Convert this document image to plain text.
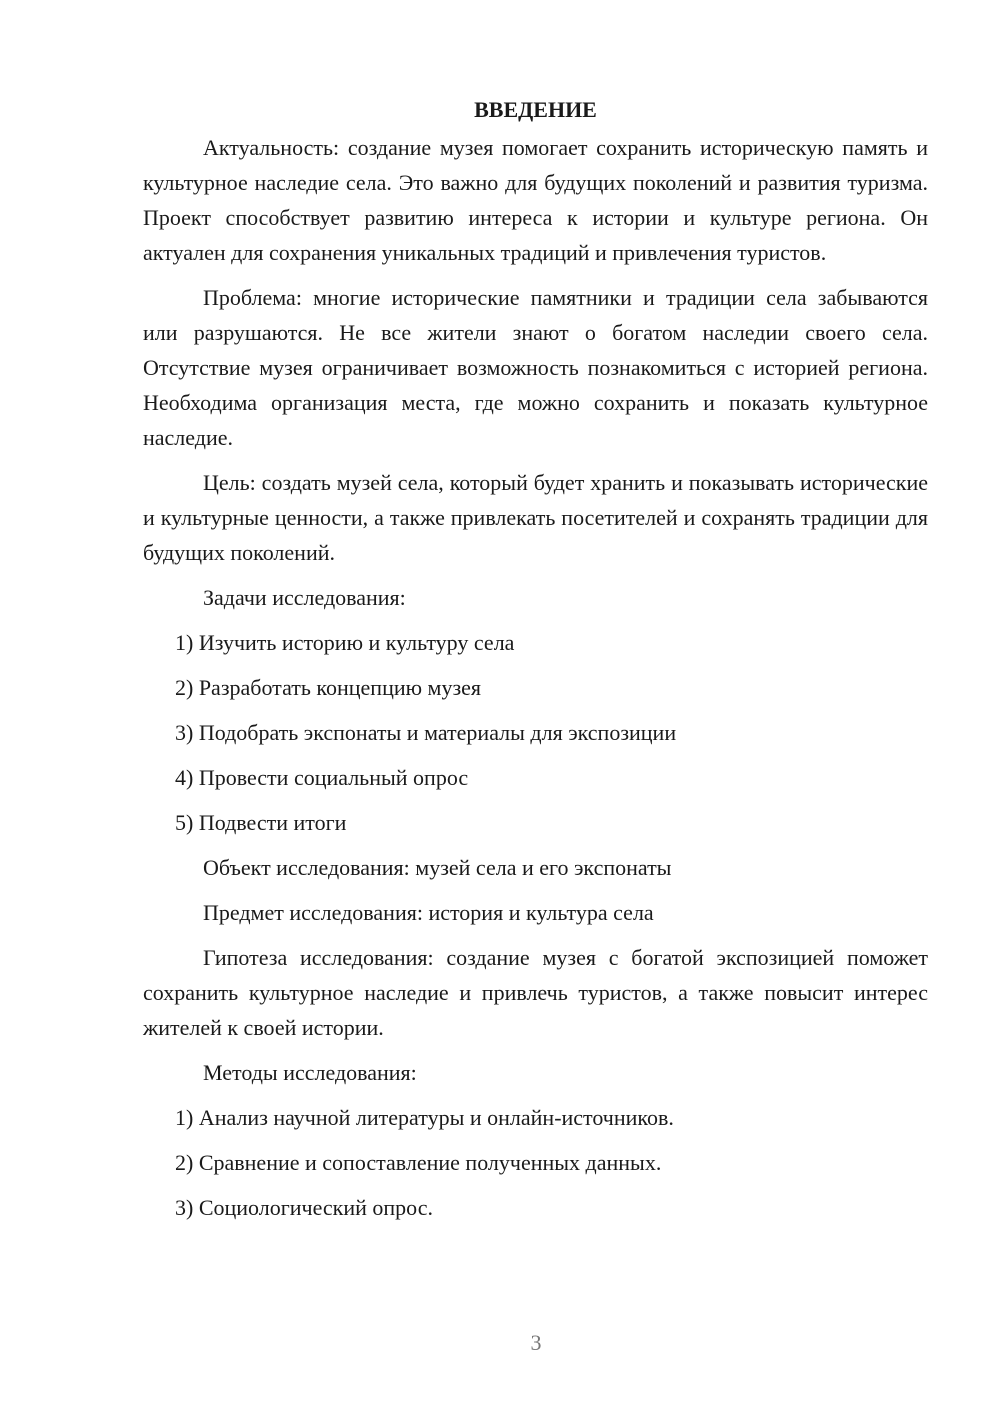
ВВЕДЕНИЕ

Актуальность: создание музея помогает сохранить историческую память и культурное наследие села. Это важно для будущих поколений и развития туризма. Проект способствует развитию интереса к истории и культуре региона. Он актуален для сохранения уникальных традиций и привлечения туристов.

Проблема: многие исторические памятники и традиции села забываются или разрушаются. Не все жители знают о богатом наследии своего села. Отсутствие музея ограничивает возможность познакомиться с историей региона. Необходима организация места, где можно сохранить и показать культурное наследие.

Цель: создать музей села, который будет хранить и показывать исторические и культурные ценности, а также привлекать посетителей и сохранять традиции для будущих поколений.

Задачи исследования:

1) Изучить историю и культуру села

2) Разработать концепцию музея

3) Подобрать экспонаты и материалы для экспозиции

4) Провести социальный опрос

5) Подвести итоги

Объект исследования: музей села и его экспонаты

Предмет исследования: история и культура села

Гипотеза исследования: создание музея с богатой экспозицией поможет сохранить культурное наследие и привлечь туристов, а также повысит интерес жителей к своей истории.

Методы исследования:

1) Анализ научной литературы и онлайн-источников.

2) Сравнение и сопоставление полученных данных.

3) Социологический опрос.

3
